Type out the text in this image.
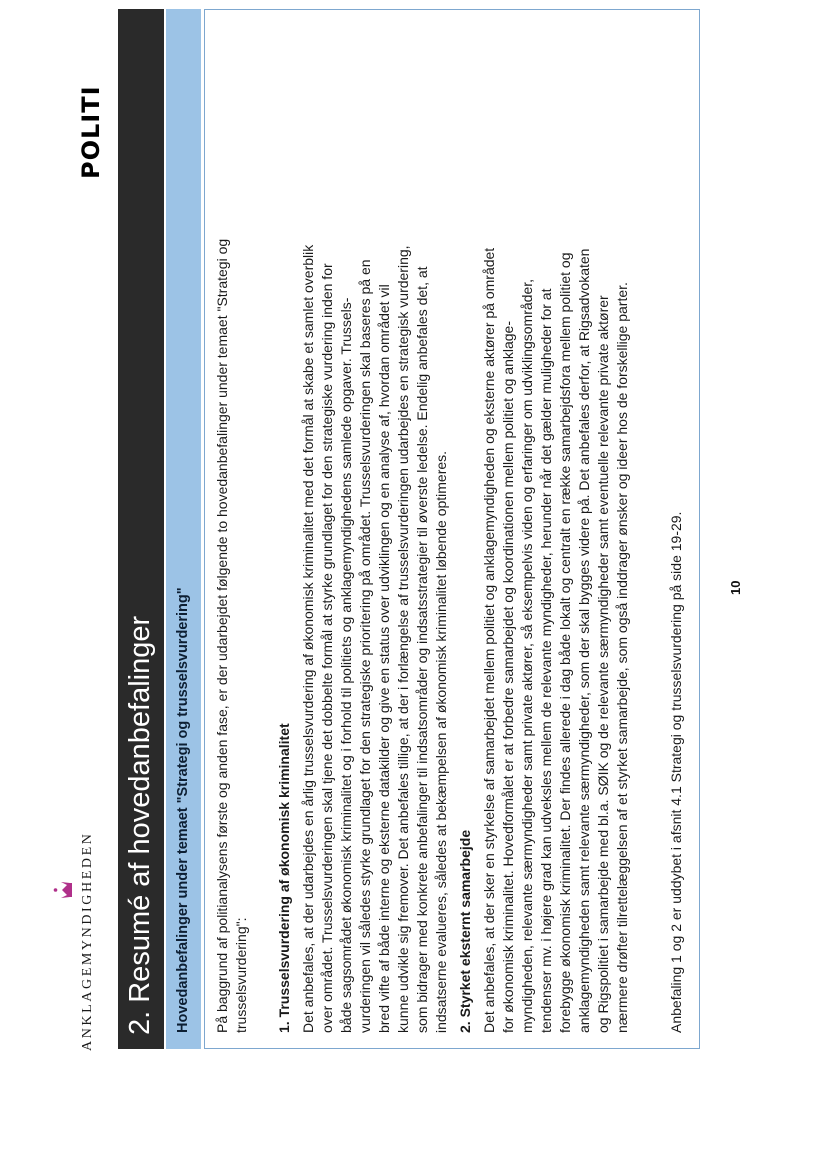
ANKLAGEMYNDIGHEDEN
POLITI
2. Resumé af hovedanbefalinger Hovedanbefalinger under temaet "Strategi og trusselsvurdering" På baggrund af politianalysens første og anden fase, er der udarbejdet følgende to hovedanbefalinger under temaet "Strategi og trusselsvurdering": 1. Trusselsvurdering af økonomisk kriminalitet Det anbefales, at der udarbejdes en årlig trusselsvurdering af økonomisk kriminalitet med det formål at skabe et samlet overblik over området. Trusselsvurderingen skal tjene det dobbelte formål at styrke grundlaget for den strategiske vurdering inden for både sagsområdet økonomisk kriminalitet og i forhold til politiets og anklagemyndighedens samlede opgaver. Trussels- vurderingen vil således styrke grundlaget for den strategiske prioritering på området. Trusselsvurderingen skal baseres på en bred vifte af både interne og eksterne datakilder og give en status over udviklingen og en analyse af, hvordan området vil kunne udvikle sig fremover. Det anbefales tillige, at der i forlængelse af trusselsvurderingen udarbejdes en strategisk vurdering, som bidrager med konkrete anbefalinger til indsatsområder og indsatsstrategier til øverste ledelse. Endelig anbefales det, at indsatserne evalueres, således at bekæmpelsen af økonomisk kriminalitet løbende optimeres. 2. Styrket eksternt samarbejde Det anbefales, at der sker en styrkelse af samarbejdet mellem politiet og anklagemyndigheden og eksterne aktører på området for økonomisk kriminalitet. Hovedformålet er at forbedre samarbejdet og koordinationen mellem politiet og anklage- myndigheden, relevante særmyndigheder samt private aktører, så eksempelvis viden og erfaringer om udviklingsområder, tendenser mv. i højere grad kan udveksles mellem de relevante myndigheder, herunder når det gælder muligheder for at forebygge økonomisk kriminalitet. Der findes allerede i dag både lokalt og centralt en række samarbejdsfora mellem politiet og anklagemyndigheden samt relevante særmyndigheder, som der skal bygges videre på. Det anbefales derfor, at Rigsadvokaten og Rigspolitiet i samarbejde med bl.a. SØIK og de relevante særmyndigheder samt eventuelle relevante private aktører nærmere drøfter tilrettelæggelsen af et styrket samarbejde, som også inddrager ønsker og ideer hos de forskellige parter.	Anbefaling 1 og 2 er uddybet i afsnit 4.1 Strategi og trusselsvurdering på side 19-29.	10
